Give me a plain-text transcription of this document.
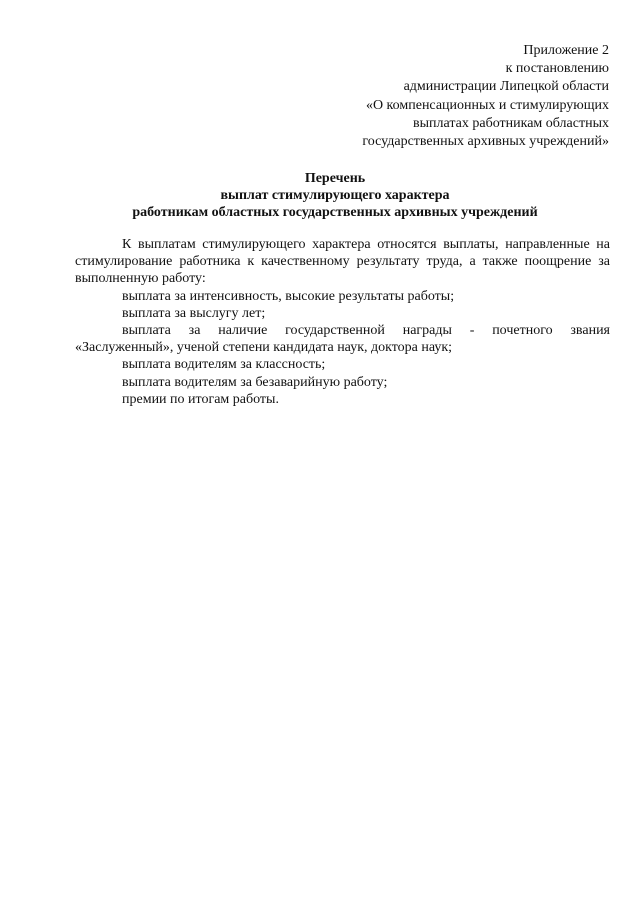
Приложение 2
к постановлению
администрации Липецкой области
«О компенсационных и стимулирующих
выплатах работникам областных
государственных архивных учреждений»
Перечень
выплат стимулирующего характера
работникам областных государственных архивных учреждений

К выплатам стимулирующего характера относятся выплаты, направленные на стимулирование работника к качественному результату труда, а также поощрение за выполненную работу:

выплата за интенсивность, высокие результаты работы;

выплата за выслугу лет;

выплата за наличие государственной награды - почетного звания «Заслуженный», ученой степени кандидата наук, доктора наук;

выплата водителям за классность;

выплата водителям за безаварийную работу;

премии по итогам работы.
